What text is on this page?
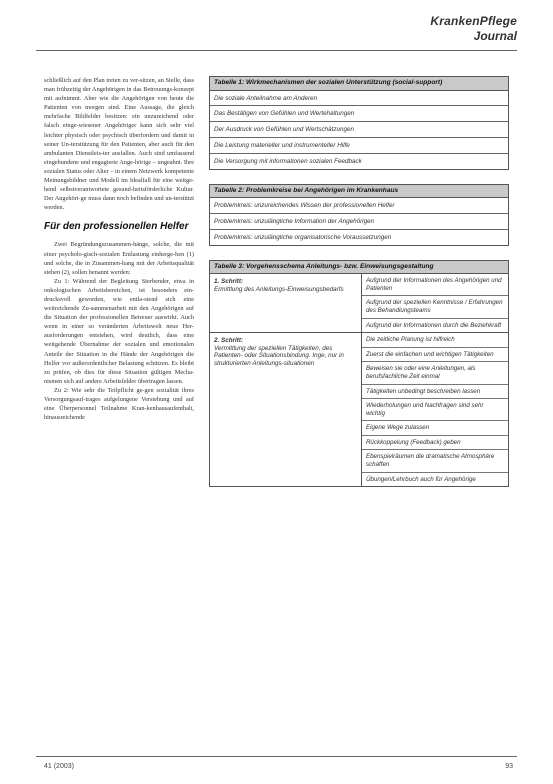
KrankenPflege
Journal

schließlich auf den Plan treten zu ver-sitzen, an Stelle, dass man frühzeitig der Angehörigen in das Betreuungs-konzept mit aufnimmt. Aber wie die Angehörigen von heute die Patienten von morgen sind. Eine Aussage, die gleich mehrfache Bildfelder besitzen: ein unzureichend oder falsch einge-wiesener Angehöriger kann sich sehr viel leichter physisch oder psychisch überfordern und damit in seiner Un-terstützung für den Patienten, aber auch für den ambulanten Dienstleis-ter ausfallen. Auch sind umfassend eingebundene und engagierte Ange-hörige – ungeahnt. Ihre sozialen Status oder Alter – in einem Netzwerk kompetente Meinungsbildner und Modell im Idealfall für eine weitge-hend selbstverantwortete gesund-heitsförderliche Kultur. Der Angehöri-ge muss dann noch befinden und un-terstützt werden.

Für den professionellen Helfer

Zwei Begründungszusammen-hänge, solche, die mit einer psycholo-gisch-sozialen Entlastung einherge-hen (1) und solche, die in Zusammen-hang mit der Arbeitsqualität stehen (2), sollen benannt werden:

Zu 1: Während der Begleitung Sterbender, etwa in onkologischen Arbeitsbereichen, ist besonders ein-drucksvoll geworden, wie entla-stend sich eine weitreichende Zu-sammenarbeit mit den Angehörigen auf die Situation der professionellen Betreuer auswirkt. Auch wenn in einer so veränderten Arbeitswelt neue Her-ausforderungen entstehen, wird deutlich, dass eine weitgehende Übernahme der sozialen und emotionalen Anteile der Situation in die Hände der Angehörigen die Helfer vor außerordentlicher Belastung schützen. Es bleibt zu prüfen, ob dies für diese Situation gültigen Mecha-nismen sich auf andere Arbeitsfelder übertragen lassen.

Zu 2: Wie sehr die Teilpflicht ge-gen sozialität ihres Versorgungsauf-trages aufgelungene Verstehung und auf eine Überpersonnel Teilnahme Kran-kenhausaufenthalt, hinausreichende

Tabelle 1: Wirkmechanismen der sozialen Unterstützung (social-support)
Die soziale Anteilnahme am Anderen
Das Bestätigen von Gefühlen und Wertehaltungen
Der Ausdruck von Gefühlen und Wertschätzungen
Die Leistung materieller und instrumenteller Hilfe
Die Versorgung mit informationen sozialen Feedback
Tabelle 2: Problemkreise bei Angehörigen im Krankenhaus
Problemkreis: unzureichendes Wissen der professionellen Helfer
Problemkreis: unzulängliche Information der Angehörigen
Problemkreis: unzulängliche organisatorische Voraussetzungen
Tabelle 3: Vorgehensschema Anleitungs- bzw. Einweisungsgestaltung
1. Schritt:
Ermittlung des Anleitungs-Einweisungsbedarfs
Aufgrund der Informationen des Angehörigen und Patienten
Aufgrund der speziellen Kenntnisse / Erfahrungen des Behandlungsteams
Aufgrund der Informationen durch die Beziehkraft
2. Schritt:
Vermittlung der speziellen Tätigkeiten, des Patienten- oder Situationsbindung. Inge, nur in strukturierten Anleitungs-situationen
Die zeitliche Planung ist hilfreich
Zuerst die einfachen und wichtigen Tätigkeiten
Beweisen sie oder eine Anleitungen, als berufsfachliche Zeit einmal
Tätigkeiten unbedingt beschreiben lassen
Wiederholungen und Nachfragen sind sehr wichtig
Eigene Wege zulassen
Rückkoppelung (Feedback) geben
Ebenspielräumen die dramatische Atmosphäre schaffen
Übungen/Lehrbuch auch für Angehörige
41 (2003)	93
